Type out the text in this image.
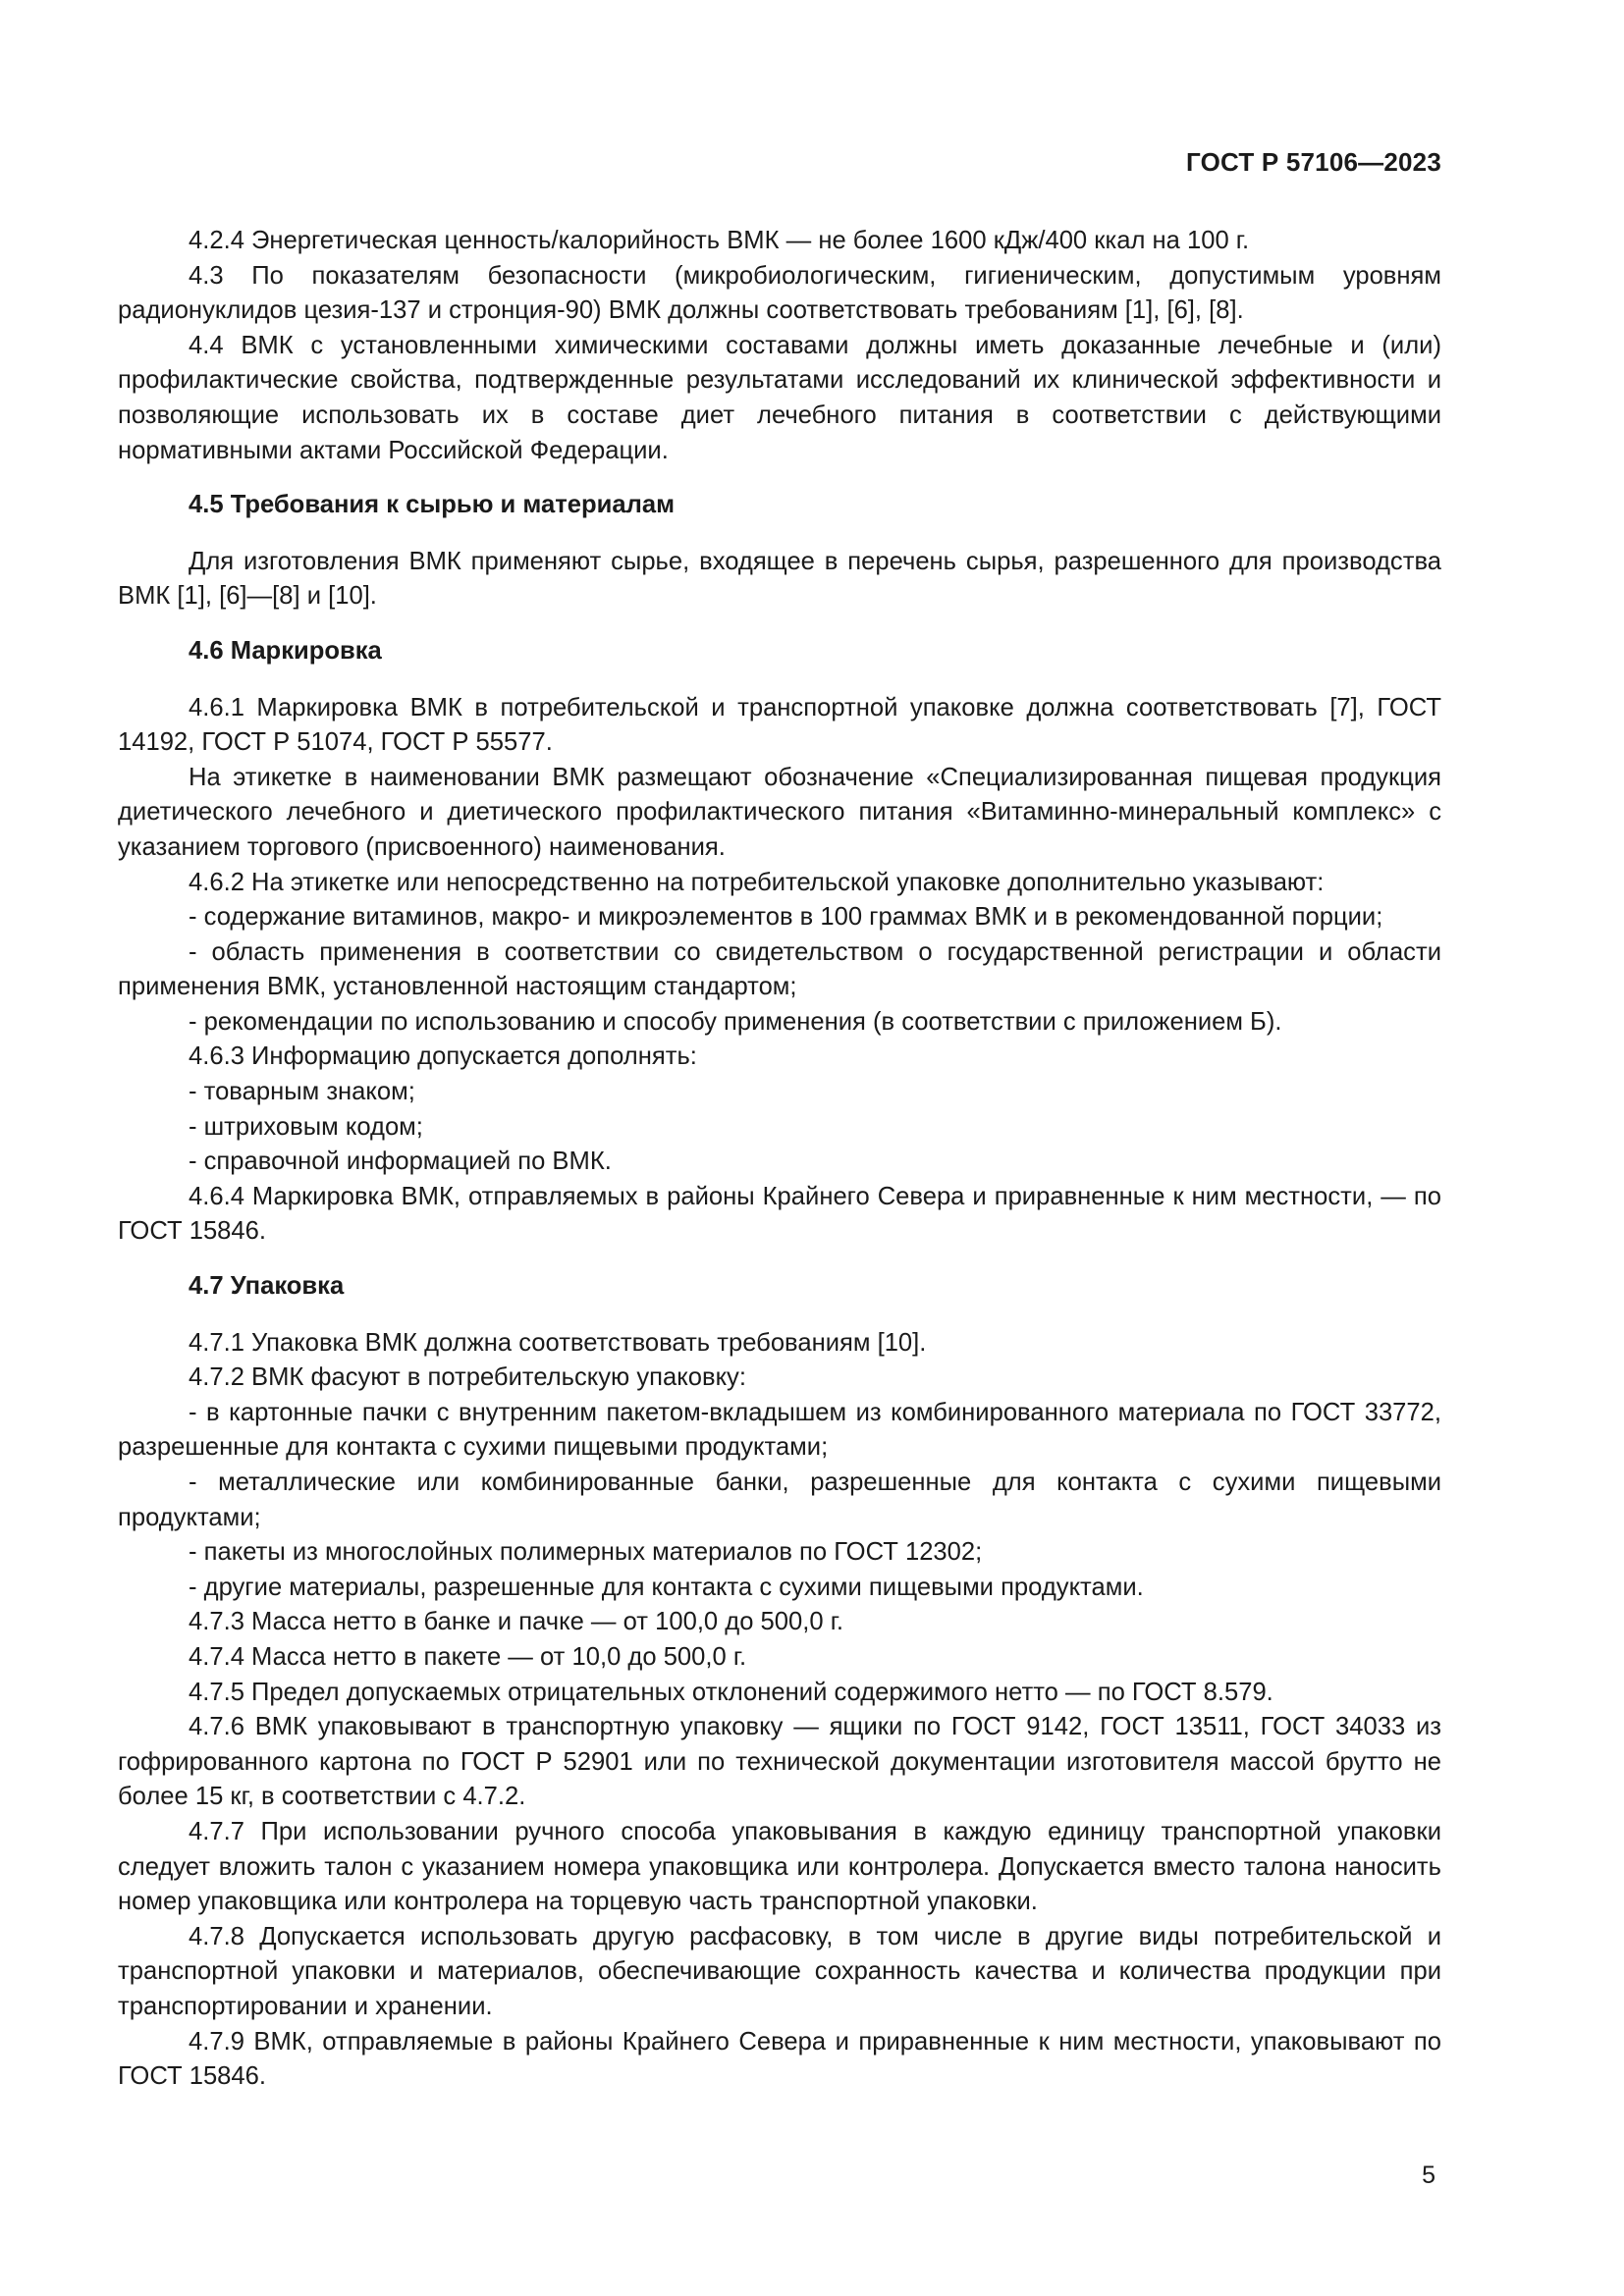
ГОСТ Р 57106—2023

4.2.4 Энергетическая ценность/калорийность ВМК — не более 1600 кДж/400 ккал на 100 г.

4.3 По показателям безопасности (микробиологическим, гигиеническим, допустимым уровням радионуклидов цезия-137 и стронция-90) ВМК должны соответствовать требованиям [1], [6], [8].

4.4 ВМК с установленными химическими составами должны иметь доказанные лечебные и (или) профилактические свойства, подтвержденные результатами исследований их клинической эффективности и позволяющие использовать их в составе диет лечебного питания в соответствии с действующими нормативными актами Российской Федерации.

4.5 Требования к сырью и материалам

Для изготовления ВМК применяют сырье, входящее в перечень сырья, разрешенного для производства ВМК [1], [6]—[8] и [10].

4.6 Маркировка

4.6.1 Маркировка ВМК в потребительской и транспортной упаковке должна соответствовать [7], ГОСТ 14192, ГОСТ Р 51074, ГОСТ Р 55577.

На этикетке в наименовании ВМК размещают обозначение «Специализированная пищевая продукция диетического лечебного и диетического профилактического питания «Витаминно-минеральный комплекс» с указанием торгового (присвоенного) наименования.

4.6.2 На этикетке или непосредственно на потребительской упаковке дополнительно указывают:

- содержание витаминов, макро- и микроэлементов в 100 граммах ВМК и в рекомендованной порции;

- область применения в соответствии со свидетельством о государственной регистрации и области применения ВМК, установленной настоящим стандартом;

- рекомендации по использованию и способу применения (в соответствии с приложением Б).

4.6.3 Информацию допускается дополнять:

- товарным знаком;

- штриховым кодом;

- справочной информацией по ВМК.

4.6.4 Маркировка ВМК, отправляемых в районы Крайнего Севера и приравненные к ним местности, — по ГОСТ 15846.

4.7 Упаковка

4.7.1 Упаковка ВМК должна соответствовать требованиям [10].

4.7.2 ВМК фасуют в потребительскую упаковку:

- в картонные пачки с внутренним пакетом-вкладышем из комбинированного материала по ГОСТ 33772, разрешенные для контакта с сухими пищевыми продуктами;

- металлические или комбинированные банки, разрешенные для контакта с сухими пищевыми продуктами;

- пакеты из многослойных полимерных материалов по ГОСТ 12302;

- другие материалы, разрешенные для контакта с сухими пищевыми продуктами.

4.7.3 Масса нетто в банке и пачке — от 100,0 до 500,0 г.

4.7.4 Масса нетто в пакете — от 10,0 до 500,0 г.

4.7.5 Предел допускаемых отрицательных отклонений содержимого нетто — по ГОСТ 8.579.

4.7.6 ВМК упаковывают в транспортную упаковку — ящики по ГОСТ 9142, ГОСТ 13511, ГОСТ 34033 из гофрированного картона по ГОСТ Р 52901 или по технической документации изготовителя массой брутто не более 15 кг, в соответствии с 4.7.2.

4.7.7 При использовании ручного способа упаковывания в каждую единицу транспортной упаковки следует вложить талон с указанием номера упаковщика или контролера. Допускается вместо талона наносить номер упаковщика или контролера на торцевую часть транспортной упаковки.

4.7.8 Допускается использовать другую расфасовку, в том числе в другие виды потребительской и транспортной упаковки и материалов, обеспечивающие сохранность качества и количества продукции при транспортировании и хранении.

4.7.9 ВМК, отправляемые в районы Крайнего Севера и приравненные к ним местности, упаковывают по ГОСТ 15846.

5
